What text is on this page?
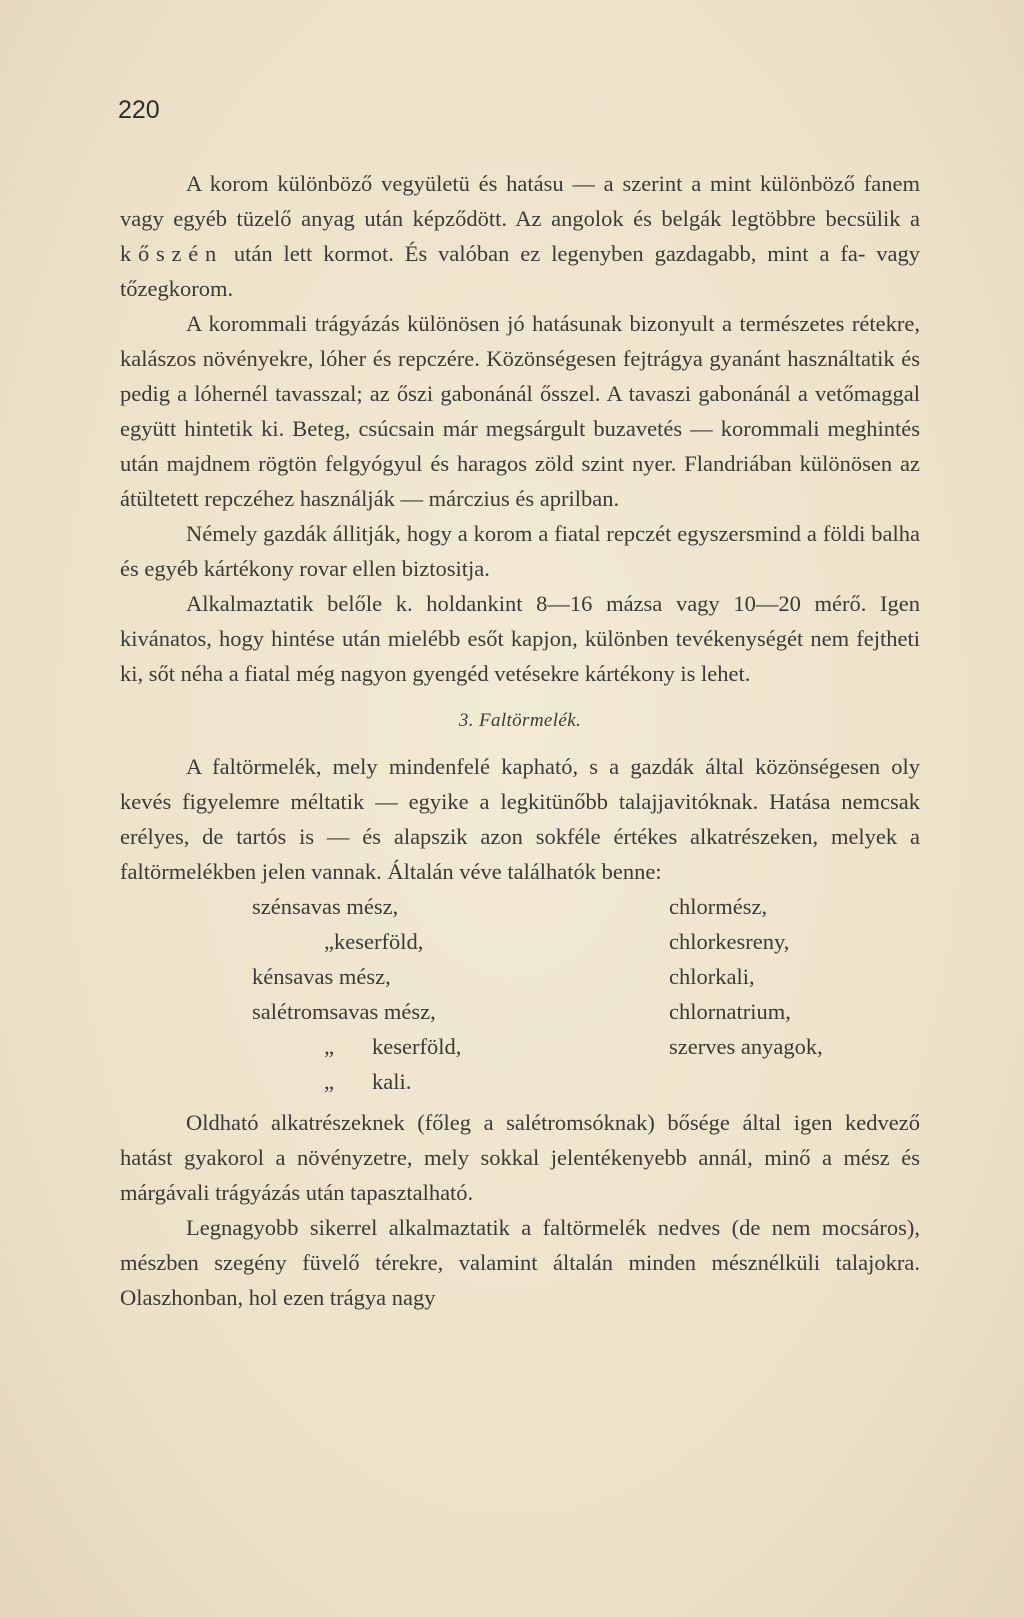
220

A korom különböző vegyületü és hatásu — a szerint a mint különböző fanem vagy egyéb tüzelő anyag után képződött. Az angolok és belgák legtöbbre becsülik a kőszén után lett kormot. És valóban ez legenyben gazdagabb, mint a fa- vagy tőzegkorom.

A korommali trágyázás különösen jó hatásunak bizonyult a természetes rétekre, kalászos növényekre, lóher és repczére. Közönségesen fejtrágya gyanánt használtatik és pedig a lóhernél tavasszal; az őszi gabonánál ősszel. A tavaszi gabonánál a vetőmaggal együtt hintetik ki. Beteg, csúcsain már megsárgult buzavetés — korommali meghintés után majdnem rögtön felgyógyul és haragos zöld szint nyer. Flandriában különösen az átültetett repczéhez használják — márczius és aprilban.

Némely gazdák állitják, hogy a korom a fiatal repczét egyszersmind a földi balha és egyéb kártékony rovar ellen biztositja.

Alkalmaztatik belőle k. holdankint 8—16 mázsa vagy 10—20 mérő. Igen kivánatos, hogy hintése után mielébb esőt kapjon, különben tevékenységét nem fejtheti ki, sőt néha a fiatal még nagyon gyengéd vetésekre kártékony is lehet.

3. Faltörmelék.

A faltörmelék, mely mindenfelé kapható, s a gazdák által közönségesen oly kevés figyelemre méltatik — egyike a legkitünőbb talajjavitóknak. Hatása nemcsak erélyes, de tartós is — és alapszik azon sokféle értékes alkatrészeken, melyek a faltörmelékben jelen vannak. Általán véve találhatók benne:

szénsavas mész,
„keserföld,
kénsavas mész,
salétromsavas mész,
„ keserföld,
„ kali.
chlormész,
chlorkesreny,
chlorkali,
chlornatrium,
szerves anyagok,

Oldható alkatrészeknek (főleg a salétromsóknak) bősége által igen kedvező hatást gyakorol a növényzetre, mely sokkal jelentékenyebb annál, minő a mész és márgávali trágyázás után tapasztalható.

Legnagyobb sikerrel alkalmaztatik a faltörmelék nedves (de nem mocsáros), mészben szegény füvelő térekre, valamint általán minden mésznélküli talajokra. Olaszhonban, hol ezen trágya nagy
